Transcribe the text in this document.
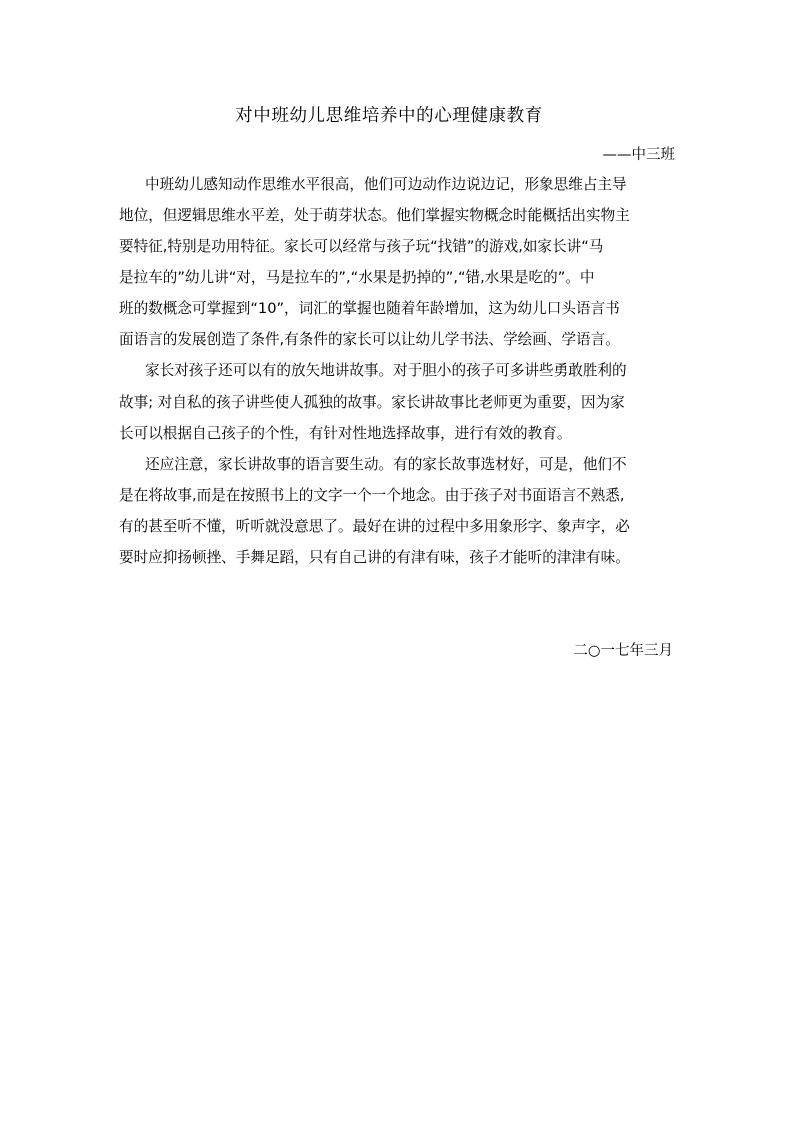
对中班幼儿思维培养中的心理健康教育
——中三班
中班幼儿感知动作思维水平很高，他们可边动作边说边记，形象思维占主导
地位，但逻辑思维水平差，处于萌芽状态。他们掌握实物概念时能概括出实物主
要特征,特别是功用特征。家长可以经常与孩子玩“找错”的游戏,如家长讲“马
是拉车的”幼儿讲“对，马是拉车的”,“水果是扔掉的”,“错,水果是吃的”。中
班的数概念可掌握到“10”，词汇的掌握也随着年龄增加，这为幼儿口头语言书
面语言的发展创造了条件,有条件的家长可以让幼儿学书法、学绘画、学语言。
家长对孩子还可以有的放矢地讲故事。对于胆小的孩子可多讲些勇敢胜利的
故事; 对自私的孩子讲些使人孤独的故事。家长讲故事比老师更为重要，因为家
长可以根据自己孩子的个性，有针对性地选择故事，进行有效的教育。
还应注意，家长讲故事的语言要生动。有的家长故事选材好，可是，他们不
是在将故事,而是在按照书上的文字一个一个地念。由于孩子对书面语言不熟悉,
有的甚至听不懂，听听就没意思了。最好在讲的过程中多用象形字、象声字，必
要时应抑扬顿挫、手舞足蹈，只有自己讲的有津有味，孩子才能听的津津有味。
二○一七年三月
